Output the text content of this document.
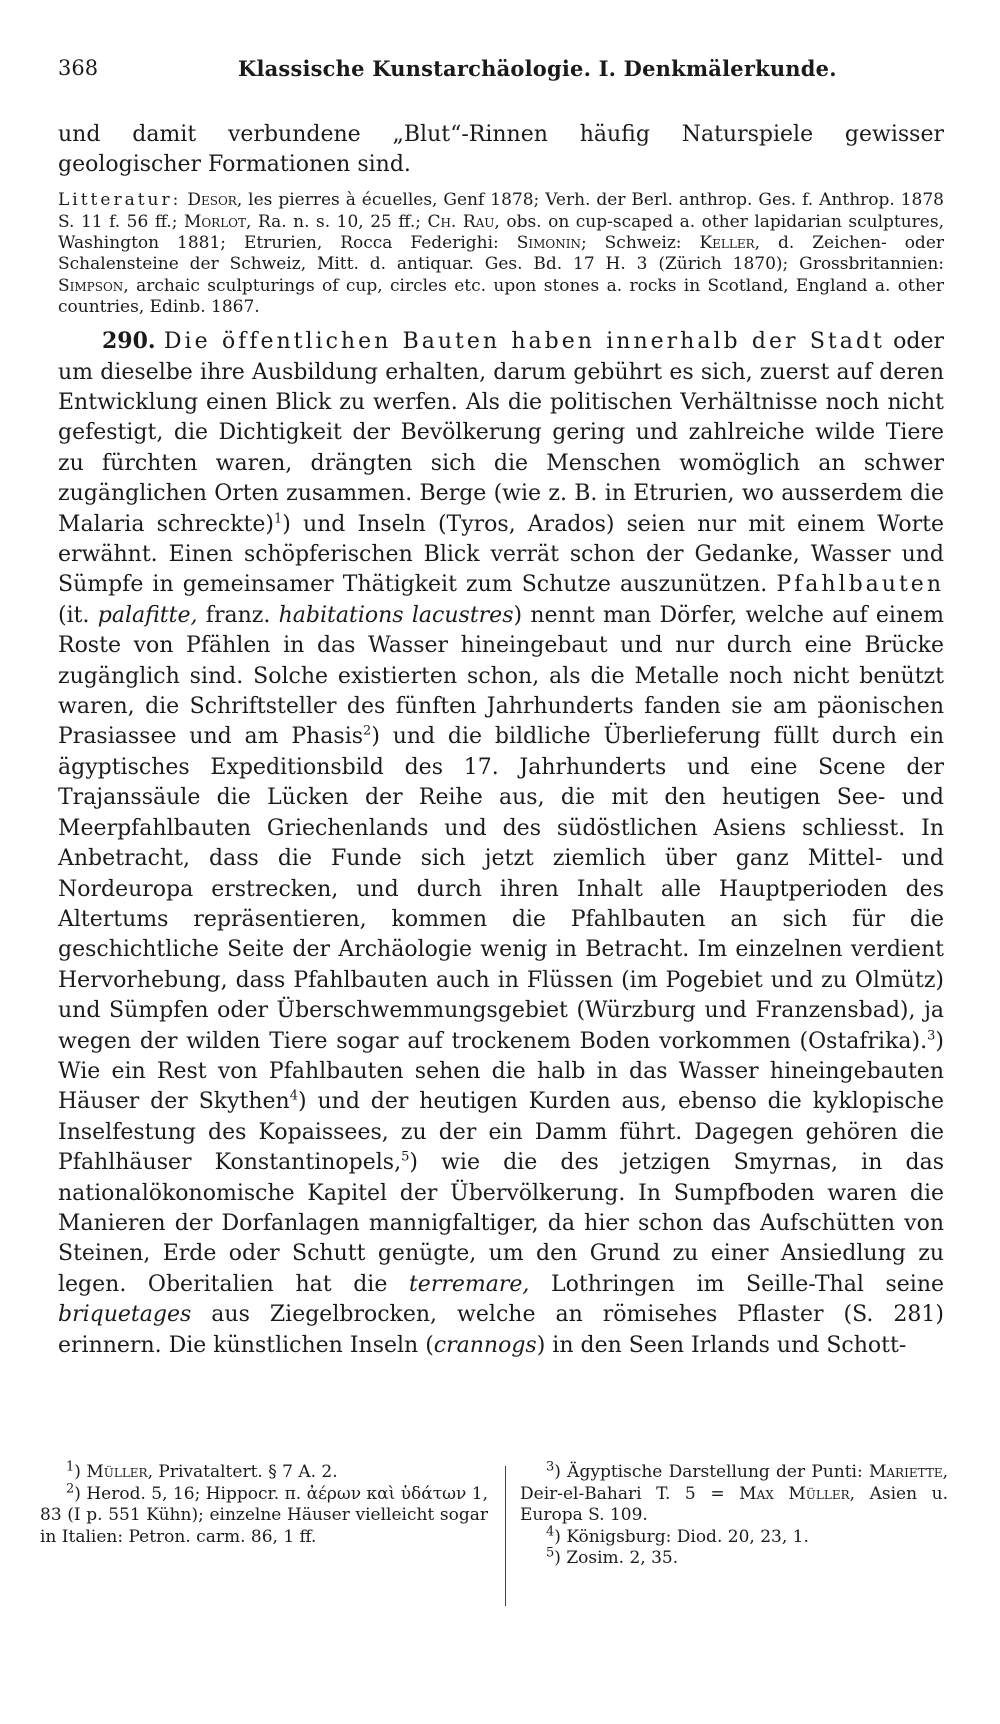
368	Klassische Kunstarchäologie. I. Denkmälerkunde.

und damit verbundene „Blut“-Rinnen häufig Naturspiele gewisser geologischer Formationen sind.

Litteratur: Desor, les pierres à écuelles, Genf 1878; Verh. der Berl. anthrop. Ges. f. Anthrop. 1878 S. 11 f. 56 ff.; Morlot, Ra. n. s. 10, 25 ff.; Ch. Rau, obs. on cup-scaped a. other lapidarian sculptures, Washington 1881; Etrurien, Rocca Federighi: Simonin; Schweiz: Keller, d. Zeichen- oder Schalensteine der Schweiz, Mitt. d. antiquar. Ges. Bd. 17 H. 3 (Zürich 1870); Grossbritannien: Simpson, archaic sculpturings of cup, circles etc. upon stones a. rocks in Scotland, England a. other countries, Edinb. 1867.

290. Die öffentlichen Bauten haben innerhalb der Stadt oder um dieselbe ihre Ausbildung erhalten, darum gebührt es sich, zuerst auf deren Entwicklung einen Blick zu werfen. Als die politischen Verhältnisse noch nicht gefestigt, die Dichtigkeit der Bevölkerung gering und zahlreiche wilde Tiere zu fürchten waren, drängten sich die Menschen womöglich an schwer zugänglichen Orten zusammen. Berge (wie z. B. in Etrurien, wo ausserdem die Malaria schreckte)$^1$) und Inseln (Tyros, Arados) seien nur mit einem Worte erwähnt. Einen schöpferischen Blick verrät schon der Gedanke, Wasser und Sümpfe in gemeinsamer Thätigkeit zum Schutze auszunützen. Pfahlbauten (it. palafitte, franz. habitations lacustres) nennt man Dörfer, welche auf einem Roste von Pfählen in das Wasser hineingebaut und nur durch eine Brücke zugänglich sind. Solche existierten schon, als die Metalle noch nicht benützt waren, die Schriftsteller des fünften Jahrhunderts fanden sie am päonischen Prasiassee und am Phasis$^2$) und die bildliche Überlieferung füllt durch ein ägyptisches Expeditionsbild des 17. Jahrhunderts und eine Scene der Trajanssäule die Lücken der Reihe aus, die mit den heutigen See- und Meerpfahlbauten Griechenlands und des südöstlichen Asiens schliesst. In Anbetracht, dass die Funde sich jetzt ziemlich über ganz Mittel- und Nordeuropa erstrecken, und durch ihren Inhalt alle Hauptperioden des Altertums repräsentieren, kommen die Pfahlbauten an sich für die geschichtliche Seite der Archäologie wenig in Betracht. Im einzelnen verdient Hervorhebung, dass Pfahlbauten auch in Flüssen (im Pogebiet und zu Olmütz) und Sümpfen oder Überschwemmungsgebiet (Würzburg und Franzensbad), ja wegen der wilden Tiere sogar auf trockenem Boden vorkommen (Ostafrika).$^3$) Wie ein Rest von Pfahlbauten sehen die halb in das Wasser hineingebauten Häuser der Skythen$^4$) und der heutigen Kurden aus, ebenso die kyklopische Inselfestung des Kopaissees, zu der ein Damm führt. Dagegen gehören die Pfahlhäuser Konstantinopels,$^5$) wie die des jetzigen Smyrnas, in das nationalökonomische Kapitel der Übervölkerung. In Sumpfboden waren die Manieren der Dorfanlagen mannigfaltiger, da hier schon das Aufschütten von Steinen, Erde oder Schutt genügte, um den Grund zu einer Ansiedlung zu legen. Oberitalien hat die terremare, Lothringen im Seille-Thal seine briquetages aus Ziegelbrocken, welche an römisehes Pflaster (S. 281) erinnern. Die künstlichen Inseln (crannogs) in den Seen Irlands und Schott-

$^1$) Müller, Privataltert. § 7 A. 2.

$^2$) Herod. 5, 16; Hippocr. π. ἀέρων καὶ ὑδάτων 1, 83 (I p. 551 Kühn); einzelne Häuser vielleicht sogar in Italien: Petron. carm. 86, 1 ff.

$^3$) Ägyptische Darstellung der Punti: Mariette, Deir-el-Bahari T. 5 = Max Müller, Asien u. Europa S. 109.

$^4$) Königsburg: Diod. 20, 23, 1.

$^5$) Zosim. 2, 35.
